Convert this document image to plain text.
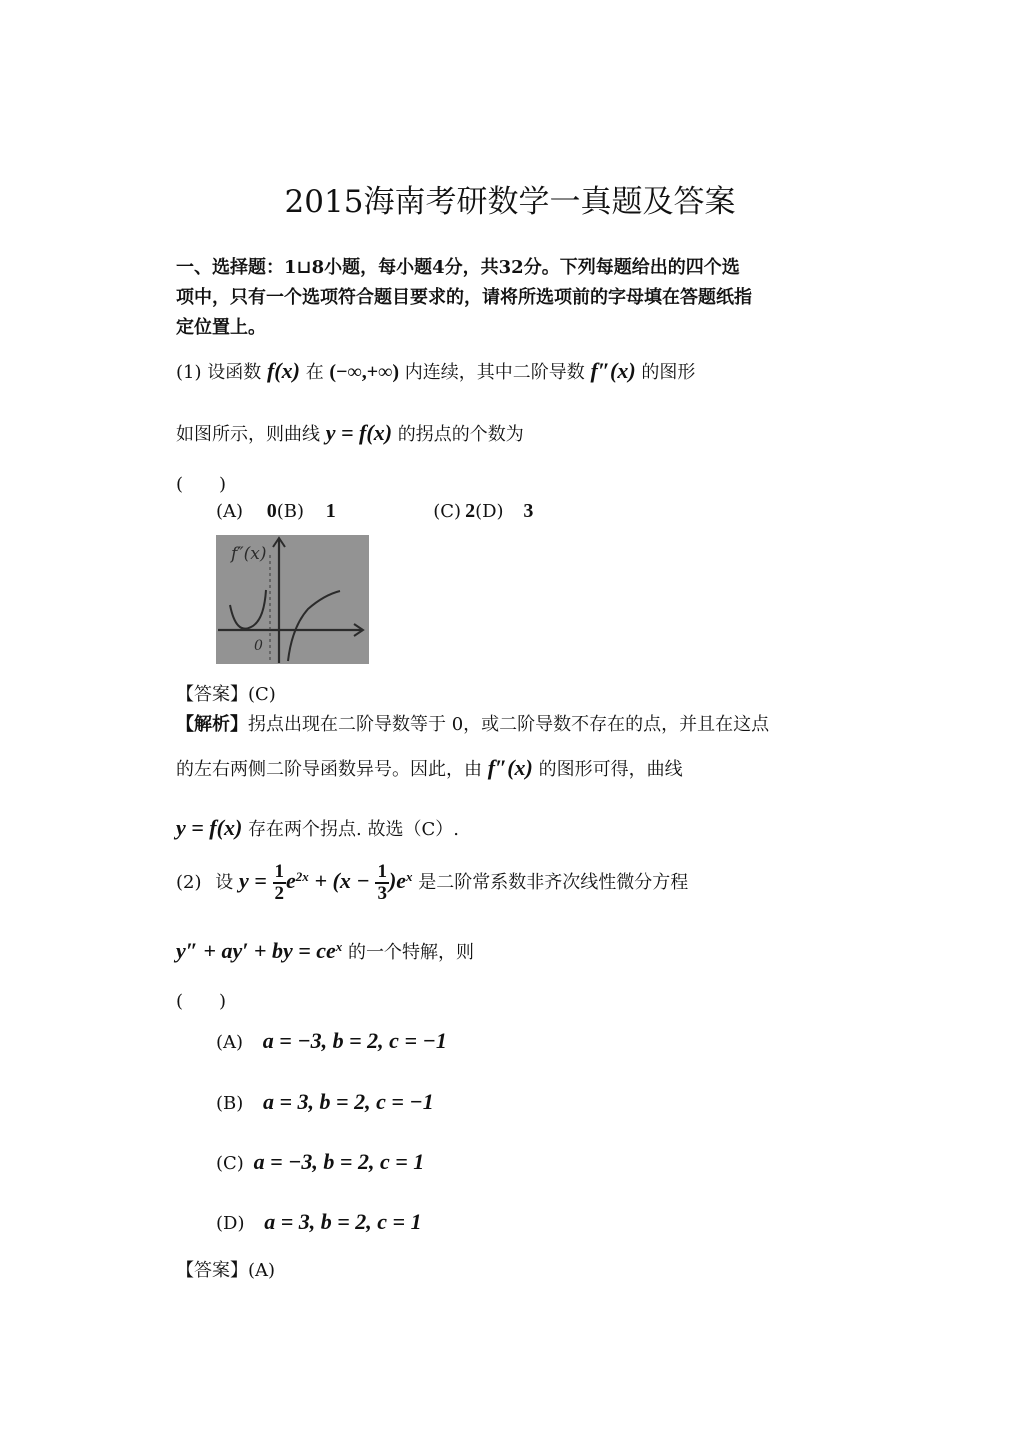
2015海南考研数学一真题及答案
一、选择题：1⊔8小题，每小题4分，共32分。下列每题给出的四个选
项中，只有一个选项符合题目要求的，请将所选项前的字母填在答题纸指
定位置上。
(1) 设函数 f(x) 在 (−∞,+∞) 内连续，其中二阶导数 f″(x) 的图形
如图所示，则曲线 y = f(x) 的拐点的个数为
(　　)
(A) 0(B) 1	(C) 2(D) 3
f″(x)
0
【答案】(C)
【解析】拐点出现在二阶导数等于 0，或二阶导数不存在的点，并且在这点
的左右两侧二阶导函数异号。因此，由 f″(x) 的图形可得，曲线
y = f(x) 存在两个拐点. 故选（C）.
(2) 设 $y = \frac{1}{2} e^{2x} + (x - \frac{1}{3} )e^x$ 是二阶常系数非齐次线性微分方程
y″ + ay′ + by = $ce^x$ 的一个特解，则
(　　)
(A) a = −3, b = 2, c = −1
(B) a = 3, b = 2, c = −1
(C) a = −3, b = 2, c = 1
(D) a = 3, b = 2, c = 1
【答案】(A)
